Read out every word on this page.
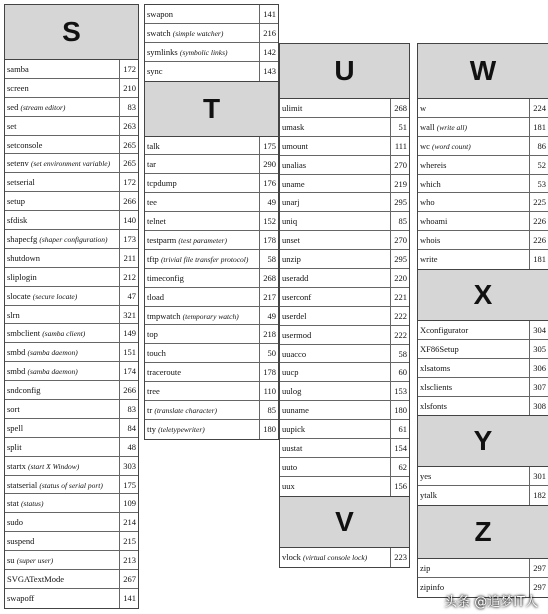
S
samba	172
screen	210
sed (stream editor)	83
set	263
setconsole	265
setenv (set environment variable)	265
setserial	172
setup	266
sfdisk	140
shapecfg (shaper configuration)	173
shutdown	211
sliplogin	212
slocate (secure locate)	47
slrn	321
smbclient (samba client)	149
smbd (samba daemon)	151
smbd (samba daemon)	174
sndconfig	266
sort	83
spell	84
split	48
startx (start X Window)	303
statserial (status of serial port)	175
stat (status)	109
sudo	214
suspend	215
su (super user)	213
SVGATextMode	267
swapoff	141
swapon	141
swatch (simple watcher)	216
symlinks (symbolic links)	142
sync	143
T
talk	175
tar	290
tcpdump	176
tee	49
telnet	152
testparm (test parameter)	178
tftp (trivial file transfer protocol)	58
timeconfig	268
tload	217
tmpwatch (temporary watch)	49
top	218
touch	50
traceroute	178
tree	110
tr (translate character)	85
tty (teletypewriter)	180
U
ulimit	268
umask	51
umount	111
unalias	270
uname	219
unarj	295
uniq	85
unset	270
unzip	295
useradd	220
userconf	221
userdel	222
usermod	222
uuacco	58
uucp	60
uulog	153
uuname	180
uupick	61
uustat	154
uuto	62
uux	156
V
vlock (virtual console lock)	223
W
w	224
wall (write all)	181
wc (word count)	86
whereis	52
which	53
who	225
whoami	226
whois	226
write	181
X
Xconfigurator	304
XF86Setup	305
xlsatoms	306
xlsclients	307
xlsfonts	308
Y
yes	301
ytalk	182
Z
zip	297
zipinfo	297
头条 @追梦IT人
